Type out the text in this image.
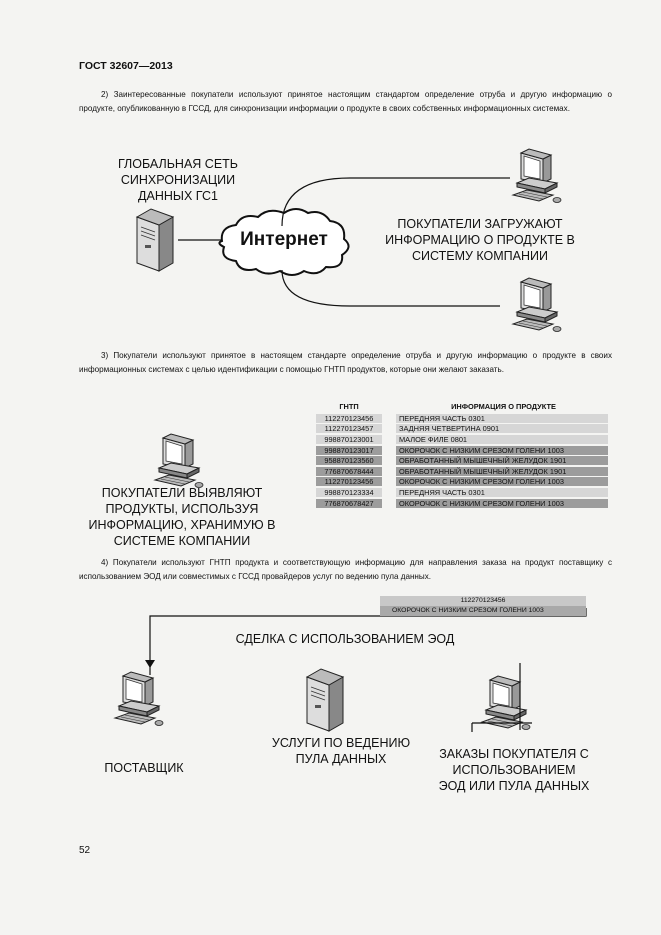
ГОСТ 32607—2013
2) Заинтересованные покупатели используют принятое настоящим стандартом определение отруба и другую информацию о продукте, опубликованную в ГССД, для синхронизации информации о продукте в своих собственных информационных системах.
ГЛОБАЛЬНАЯ СЕТЬ СИНХРОНИЗАЦИИ ДАННЫХ ГС1
Интернет
ПОКУПАТЕЛИ ЗАГРУЖАЮТ ИНФОРМАЦИЮ О ПРОДУКТЕ В СИСТЕМУ КОМПАНИИ
3) Покупатели используют принятое в настоящем стандарте определение отруба и другую информацию о продукте в своих информационных системах с целью идентификации с помощью ГНТП продуктов, которые они желают заказать.
ГНТП	ИНФОРМАЦИЯ О ПРОДУКТЕ
112270123456	ПЕРЕДНЯЯ ЧАСТЬ 0301
112270123457	ЗАДНЯЯ ЧЕТВЕРТИНА 0901
998870123001	МАЛОЕ ФИЛЕ 0801
998870123017	ОКОРОЧОК С НИЗКИМ СРЕЗОМ ГОЛЕНИ 1003
958870123560	ОБРАБОТАННЫЙ МЫШЕЧНЫЙ ЖЕЛУДОК 1901
776870678444	ОБРАБОТАННЫЙ МЫШЕЧНЫЙ ЖЕЛУДОК 1901
112270123456	ОКОРОЧОК С НИЗКИМ СРЕЗОМ ГОЛЕНИ 1003
998870123334	ПЕРЕДНЯЯ ЧАСТЬ 0301
776870678427	ОКОРОЧОК С НИЗКИМ СРЕЗОМ ГОЛЕНИ 1003
ПОКУПАТЕЛИ ВЫЯВЛЯЮТ ПРОДУКТЫ, ИСПОЛЬЗУЯ ИНФОРМАЦИЮ, ХРАНИМУЮ В СИСТЕМЕ КОМПАНИИ
4) Покупатели используют ГНТП продукта и соответствующую информацию для направления заказа на продукт поставщику с использованием ЭОД или совместимых с ГССД провайдеров услуг по ведению пула данных.
112270123456
ОКОРОЧОК С НИЗКИМ СРЕЗОМ ГОЛЕНИ 1003
СДЕЛКА С ИСПОЛЬЗОВАНИЕМ ЭОД
ПОСТАВЩИК
УСЛУГИ ПО ВЕДЕНИЮ ПУЛА ДАННЫХ	ЗАКАЗЫ ПОКУПАТЕЛЯ С ИСПОЛЬЗОВАНИЕМ ЭОД ИЛИ ПУЛА ДАННЫХ
52
